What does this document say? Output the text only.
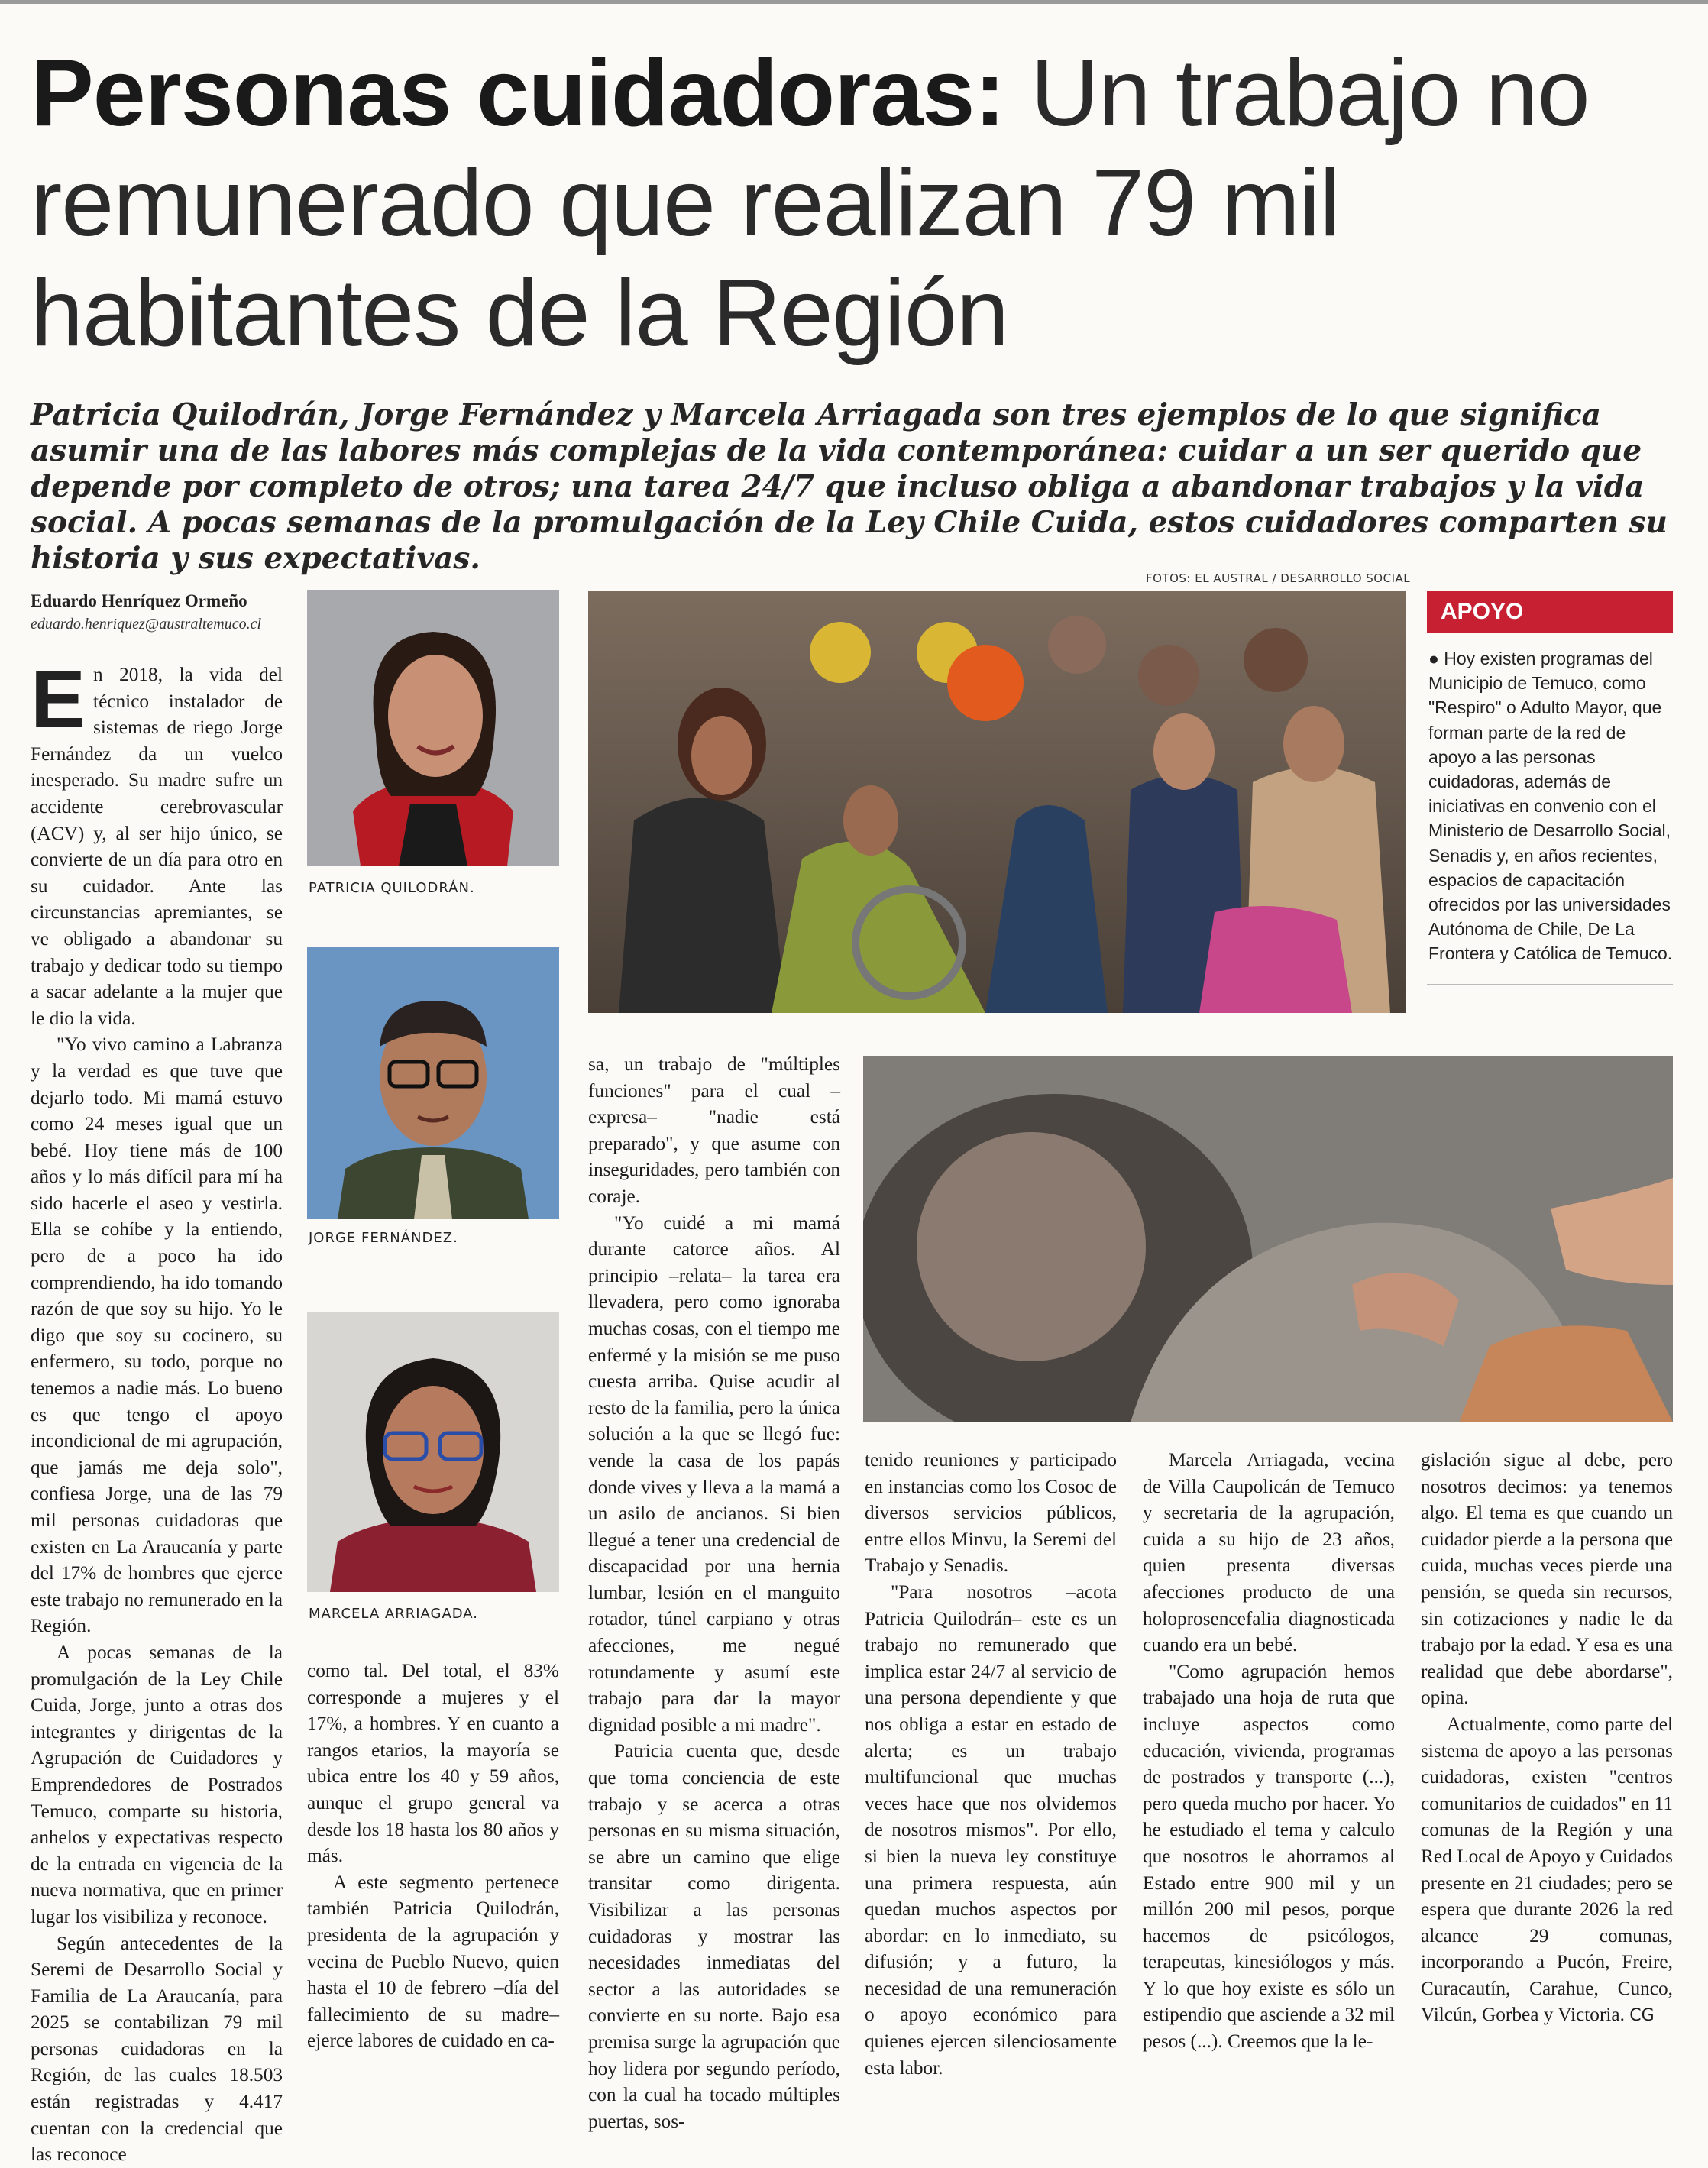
Personas cuidadoras: Un trabajo no remunerado que realizan 79 mil habitantes de la Región
Patricia Quilodrán, Jorge Fernández y Marcela Arriagada son tres ejemplos de lo que significa asumir una de las labores más complejas de la vida contemporánea: cuidar a un ser querido que depende por completo de otros; una tarea 24/7 que incluso obliga a abandonar trabajos y la vida social. A pocas semanas de la promulgación de la Ley Chile Cuida, estos cuidadores comparten su historia y sus expectativas.
FOTOS: EL AUSTRAL / DESARROLLO SOCIAL
Eduardo Henríquez Ormeño
eduardo.henriquez@australtemuco.cl

En 2018, la vida del técnico instalador de sistemas de riego Jorge Fernández da un vuelco inesperado. Su madre sufre un accidente cerebrovascular (ACV) y, al ser hijo único, se convierte de un día para otro en su cuidador. Ante las circunstancias apremiantes, se ve obligado a abandonar su trabajo y dedicar todo su tiempo a sacar adelante a la mujer que le dio la vida.

"Yo vivo camino a Labranza y la verdad es que tuve que dejarlo todo. Mi mamá estuvo como 24 meses igual que un bebé. Hoy tiene más de 100 años y lo más difícil para mí ha sido hacerle el aseo y vestirla. Ella se cohíbe y la entiendo, pero de a poco ha ido comprendiendo, ha ido tomando razón de que soy su hijo. Yo le digo que soy su cocinero, su enfermero, su todo, porque no tenemos a nadie más. Lo bueno es que tengo el apoyo incondicional de mi agrupación, que jamás me deja solo", confiesa Jorge, una de las 79 mil personas cuidadoras que existen en La Araucanía y parte del 17% de hombres que ejerce este trabajo no remunerado en la Región.

A pocas semanas de la promulgación de la Ley Chile Cuida, Jorge, junto a otras dos integrantes y dirigentas de la Agrupación de Cuidadores y Emprendedores de Postrados Temuco, comparte su historia, anhelos y expectativas respecto de la entrada en vigencia de la nueva normativa, que en primer lugar los visibiliza y reconoce.

Según antecedentes de la Seremi de Desarrollo Social y Familia de La Araucanía, para 2025 se contabilizan 79 mil personas cuidadoras en la Región, de las cuales 18.503 están registradas y 4.417 cuentan con la credencial que las reconoce

PATRICIA QUILODRÁN.
JORGE FERNÁNDEZ.
MARCELA ARRIAGADA.
APOYO
● Hoy existen programas del Municipio de Temuco, como "Respiro" o Adulto Mayor, que forman parte de la red de apoyo a las personas cuidadoras, además de iniciativas en convenio con el Ministerio de Desarrollo Social, Senadis y, en años recientes, espacios de capacitación ofrecidos por las universidades Autónoma de Chile, De La Frontera y Católica de Temuco.

como tal. Del total, el 83% corresponde a mujeres y el 17%, a hombres. Y en cuanto a rangos etarios, la mayoría se ubica entre los 40 y 59 años, aunque el grupo general va desde los 18 hasta los 80 años y más.

A este segmento pertenece también Patricia Quilodrán, presidenta de la agrupación y vecina de Pueblo Nuevo, quien hasta el 10 de febrero –día del fallecimiento de su madre– ejerce labores de cuidado en ca-

sa, un trabajo de "múltiples funciones" para el cual –expresa– "nadie está preparado", y que asume con inseguridades, pero también con coraje.

"Yo cuidé a mi mamá durante catorce años. Al principio –relata– la tarea era llevadera, pero como ignoraba muchas cosas, con el tiempo me enfermé y la misión se me puso cuesta arriba. Quise acudir al resto de la familia, pero la única solución a la que se llegó fue: vende la casa de los papás donde vives y lleva a la mamá a un asilo de ancianos. Si bien llegué a tener una credencial de discapacidad por una hernia lumbar, lesión en el manguito rotador, túnel carpiano y otras afecciones, me negué rotundamente y asumí este trabajo para dar la mayor dignidad posible a mi madre".

Patricia cuenta que, desde que toma conciencia de este trabajo y se acerca a otras personas en su misma situación, se abre un camino que elige transitar como dirigenta. Visibilizar a las personas cuidadoras y mostrar las necesidades inmediatas del sector a las autoridades se convierte en su norte. Bajo esa premisa surge la agrupación que hoy lidera por segundo período, con la cual ha tocado múltiples puertas, sos-

tenido reuniones y participado en instancias como los Cosoc de diversos servicios públicos, entre ellos Minvu, la Seremi del Trabajo y Senadis.

"Para nosotros –acota Patricia Quilodrán– este es un trabajo no remunerado que implica estar 24/7 al servicio de una persona dependiente y que nos obliga a estar en estado de alerta; es un trabajo multifuncional que muchas veces hace que nos olvidemos de nosotros mismos". Por ello, si bien la nueva ley constituye una primera respuesta, aún quedan muchos aspectos por abordar: en lo inmediato, su difusión; y a futuro, la necesidad de una remuneración o apoyo económico para quienes ejercen silenciosamente esta labor.

Marcela Arriagada, vecina de Villa Caupolicán de Temuco y secretaria de la agrupación, cuida a su hijo de 23 años, quien presenta diversas afecciones producto de una holoprosencefalia diagnosticada cuando era un bebé.

"Como agrupación hemos trabajado una hoja de ruta que incluye aspectos como educación, vivienda, programas de postrados y transporte (...), pero queda mucho por hacer. Yo he estudiado el tema y calculo que nosotros le ahorramos al Estado entre 900 mil y un millón 200 mil pesos, porque hacemos de psicólogos, terapeutas, kinesiólogos y más. Y lo que hoy existe es sólo un estipendio que asciende a 32 mil pesos (...). Creemos que la le-

gislación sigue al debe, pero nosotros decimos: ya tenemos algo. El tema es que cuando un cuidador pierde a la persona que cuida, muchas veces pierde una pensión, se queda sin recursos, sin cotizaciones y nadie le da trabajo por la edad. Y esa es una realidad que debe abordarse", opina.

Actualmente, como parte del sistema de apoyo a las personas cuidadoras, existen "centros comunitarios de cuidados" en 11 comunas de la Región y una Red Local de Apoyo y Cuidados presente en 21 ciudades; pero se espera que durante 2026 la red alcance 29 comunas, incorporando a Pucón, Freire, Curacautín, Carahue, Cunco, Vilcún, Gorbea y Victoria. CG
